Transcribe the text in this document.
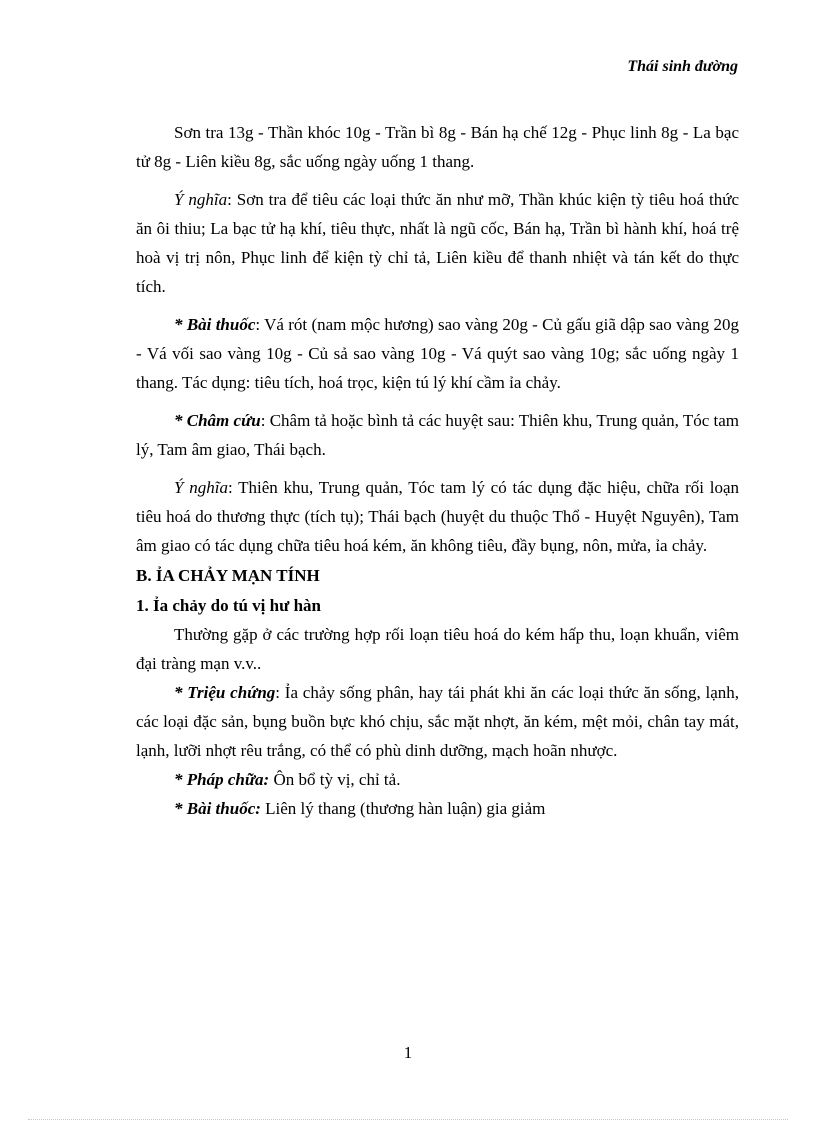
Thái sinh đường

Sơn tra 13g - Thần khóc 10g - Trần bì 8g - Bán hạ chế 12g - Phục linh 8g - La bạc tử 8g - Liên kiều 8g, sắc uống ngày uống 1 thang.

Ý nghĩa: Sơn tra để tiêu các loại thức ăn như mỡ, Thần khúc kiện tỳ tiêu hoá thức ăn ôi thiu; La bạc tử hạ khí, tiêu thực, nhất là ngũ cốc, Bán hạ, Trần bì hành khí, hoá trệ hoà vị trị nôn, Phục linh để kiện tỳ chỉ tả, Liên kiều để thanh nhiệt và tán kết do thực tích.

* Bài thuốc: Vá rót (nam mộc hương) sao vàng 20g - Củ gấu giã dập sao vàng 20g - Vá vối sao vàng 10g - Củ sả sao vàng 10g - Vá quýt sao vàng 10g; sắc uống ngày 1 thang. Tác dụng: tiêu tích, hoá trọc, kiện tú lý khí cầm ỉa chảy.

* Châm cứu: Châm tả hoặc bình tả các huyệt sau: Thiên khu, Trung quản, Tóc tam lý, Tam âm giao, Thái bạch.

Ý nghĩa: Thiên khu, Trung quản, Tóc tam lý có tác dụng đặc hiệu, chữa rối loạn tiêu hoá do thương thực (tích tụ); Thái bạch (huyệt du thuộc Thổ - Huyệt Nguyên), Tam âm giao có tác dụng chữa tiêu hoá kém, ăn không tiêu, đầy bụng, nôn, mửa, ỉa chảy.

B. ỈA CHẢY MẠN TÍNH
1. Ỉa chảy do tú vị hư hàn

Thường gặp ở các trường hợp rối loạn tiêu hoá do kém hấp thu, loạn khuẩn, viêm đại tràng mạn v.v..

* Triệu chứng: Ỉa chảy sống phân, hay tái phát khi ăn các loại thức ăn sống, lạnh, các loại đặc sản, bụng buồn bực khó chịu, sắc mặt nhợt, ăn kém, mệt mỏi, chân tay mát, lạnh, lưỡi nhợt rêu trắng, có thể có phù dinh dưỡng, mạch hoãn nhược.

* Pháp chữa: Ôn bổ tỳ vị, chỉ tả.

* Bài thuốc: Liên lý thang (thương hàn luận) gia giảm

1
